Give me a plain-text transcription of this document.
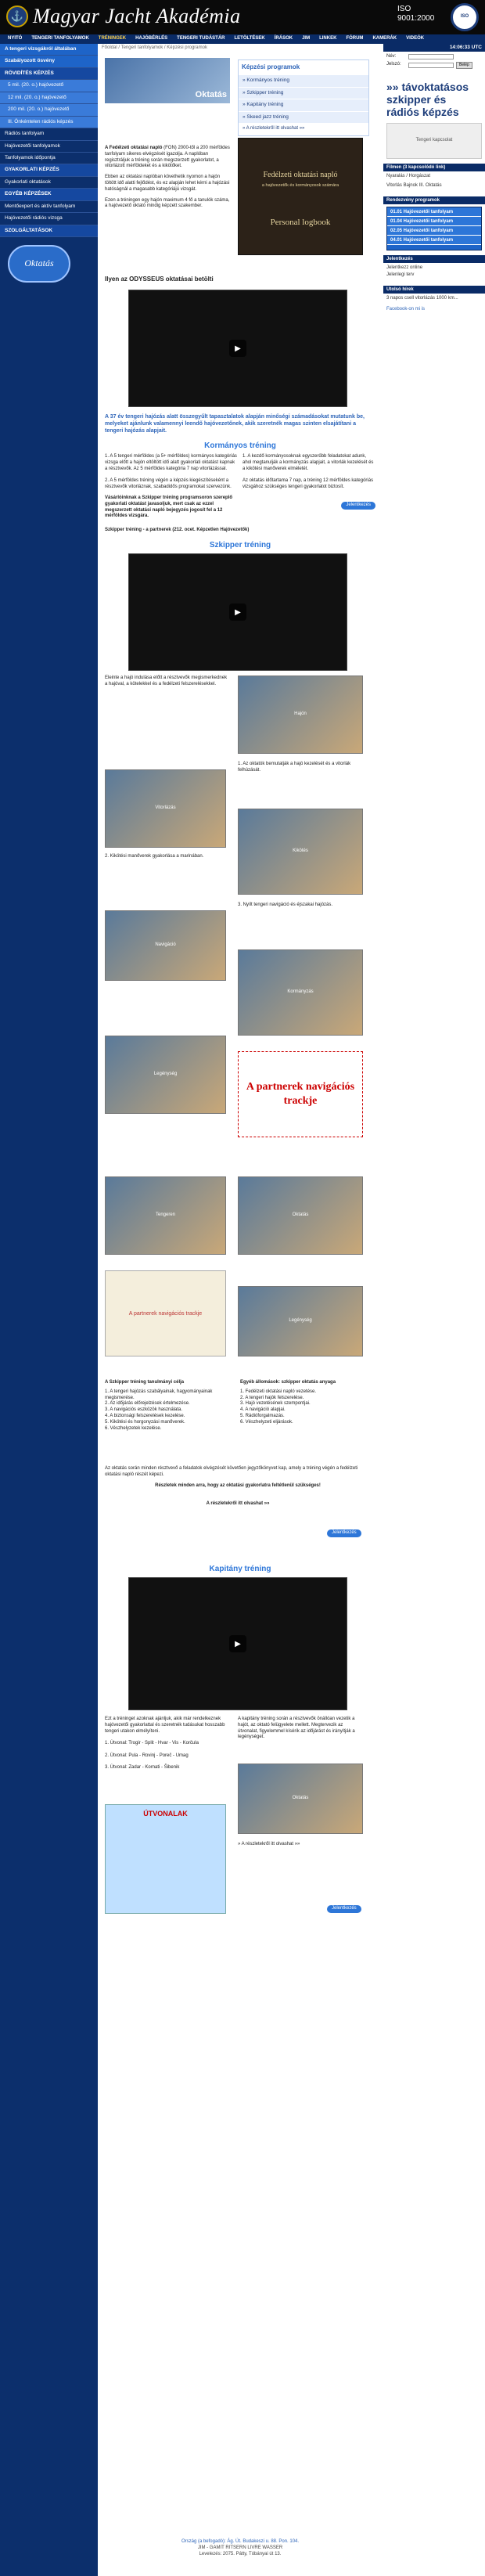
⚓ Magyar Jacht Akadémia	ISO
9001:2000	ISO
NYITÓ	TENGERI TANFOLYAMOK	TRÉNINGEK	HAJÓBÉRLÉS	TENGERI TUDÁSTÁR	LETÖLTÉSEK	ÍRÁSOK	JIM	LINKEK	FÓRUM	KAMERÁK	VIDEÓK
A tengeri vizsgákról általában
Szabályozott ösvény
RÖVIDÍTÉS KÉPZÉS
5 mil. (20. o.) hajóvezető
12 mil. (20. o.) hajóvezető
200 mil. (20. o.) hajóvezető
Ill. Önkéntelen rádiós képzés
Rádiós tanfolyam
Hajóvezetői tanfolyamok
Tanfolyamok időpontja
GYAKORLATI KÉPZÉS
Gyakorlati oktatások
EGYÉB KÉPZÉSEK
Mentőexpert és aktív tanfolyam
Hajóvezetői rádiós vizsga
SZOLGÁLTATÁSOK
Oktatás
Főoldal / Tengeri tanfolyamok / Képzési programok
Oktatás
Képzési programok
» Kormányos tréning
» Szkipper tréning
» Kapitány tréning
» Skeed jazz tréning
» A részletekről itt olvashat »»

A Fedélzeti oktatási napló (FON) 2000-től a 200 mérföldes tanfolyam sikeres elvégzését igazolja. A naplóban regisztráljuk a tréning során megszerzett gyakorlatot, a vitorlázott mérföldeket és a kikötőket.

Ebben az oktatási naplóban követhetik nyomon a hajón töltött idő alatti fejlődést, és ez alapján lehet kérni a hajózási hatóságnál a magasabb kategóriájú vizsgát.

Ezen a tréningen egy hajón maximum 4 fő a tanulók száma, a hajóvezető oktató mindig képzett szakember.

Fedélzeti oktatási napló
a hajóvezetők és kormányosok számára
Personal logbook
Ilyen az ODYSSEUS oktatásai betölti
▶
A 37 év tengeri hajózás alatt összegyűlt tapasztalatok alapján minőségi számadásokat mutatunk be, melyeket ajánlunk valamennyi leendő hajóvezetőnek, akik szeretnék magas szinten elsajátítani a tengeri hajózás alapjait.
Kormányos tréning

1. A 5 tengeri mérföldes (a 5+ mérföldes) kormányos kategóriás vizsga előtt a hajón eltöltött idő alatt gyakorlati oktatást kapnak a résztvevők. Az 5 mérföldes kategória 7 nap vitorlázással.

2. A 5 mérföldes tréning végén a képzés kiegészítéseként a résztvevők vitorláznak, szabadidős programokat szervezünk.

Vásárlóinknak a Szkipper tréning programsoron szereplő gyakorlati oktatást javasoljuk, mert csak az ezzel megszerzett oktatási napló bejegyzés jogosít fel a 12 mérföldes vizsgára.

1. A kezdő kormányosoknak egyszerűbb feladatokat adunk, ahol megtanulják a kormányzás alapjait, a vitorlák kezelését és a kikötési manőverek elméletét.

Az oktatás időtartama 7 nap, a tréning 12 mérföldes kategóriás vizsgához szükséges tengeri gyakorlatot biztosít.

Jelentkezés
Szkipper tréning - a partnerek (212. ocet. Képzetlen Hajóvezetők)
Szkipper tréning
▶

Eleinte a hajó indulása előtt a résztvevők megismerkednek a hajóval, a kötelekkel és a fedélzeti felszerelésekkel.

Hajón
Vitorlázás
1. Az oktatók bemutatják a hajó kezelését és a vitorlák felhúzását.
Kikötés
2. Kikötési manőverek gyakorlása a marinában.
Navigáció
3. Nyílt tengeri navigáció és éjszakai hajózás.
Kormányzás
Legénység
A partnerek navigációs trackje
Tengeren	Oktatás
A partnerek navigációs trackje
Legénység

A Szkipper tréning tanulmányi célja

1. A tengeri hajózás szabályainak, hagyományainak megismerése.
2. Az időjárás előrejelzések értelmezése.
3. A navigációs eszközök használata.
4. A biztonsági felszerelések kezelése.
5. Kikötési és horgonyzási manőverek.
6. Vészhelyzetek kezelése.

Egyéb állomások: szkipper oktatás anyaga

1. Fedélzeti oktatási napló vezetése.
2. A tengeri hajók felszerelése.
3. Hajó vezetésének szempontjai.
4. A navigáció alapjai.
5. Rádióforgalmazás.
6. Vészhelyzeti eljárások.

Az oktatás során minden résztvevő a feladatok elvégzését követően jegyzőkönyvet kap, amely a tréning végén a fedélzeti oktatási napló részét képezi.

Részletek minden arra, hogy az oktatási gyakorlatra feltétlenül szükséges!

A részletekről itt olvashat »»

Jelentkezés
Kapitány tréning
▶
Ezt a tréninget azoknak ajánljuk, akik már rendelkeznek hajóvezetői gyakorlattal és szeretnék tudásukat hosszabb tengeri utakon elmélyíteni.

1. Útvonal: Trogir - Split - Hvar - Vis - Korčula

2. Útvonal: Pula - Rovinj - Poreč - Umag

3. Útvonal: Zadar - Kornati - Šibenik
A kapitány tréning során a résztvevők önállóan vezetik a hajót, az oktató felügyelete mellett. Megtervezik az útvonalat, figyelemmel kísérik az időjárást és irányítják a legénységet.
Oktatás
» A részletekről itt olvashat »»
ÚTVONALAK
Jelentkezés
14:06:33 UTC
Név:
Jelszó:	Belép
»» távoktatásos szkipper és rádiós képzés
Tengeri kapcsolat
Filmen (3 kapcsolódó link)
Nyaralás / Horgászat
Vitorlás Bajnok III. Oktatás
Rendezvény programok
01.01 Hajóvezetői tanfolyam
01.04 Hajóvezetői tanfolyam
02.05 Hajóvezetői tanfolyam
04.01 Hajóvezetői tanfolyam
Jelentkezés
Jelentkezz online
Jelenlegi terv
Utolsó hírek
3 napos csell vitorlázás 1000 km...
Facebook-on mi is
Ország (a befogadó): Ág. Út. Budakeszi u. 88. Pon. 104.
JIM - GAMIT RITSERN LIVRE WASSER
Levelezés: 2075. Pátty, Tóbányai út 13.
